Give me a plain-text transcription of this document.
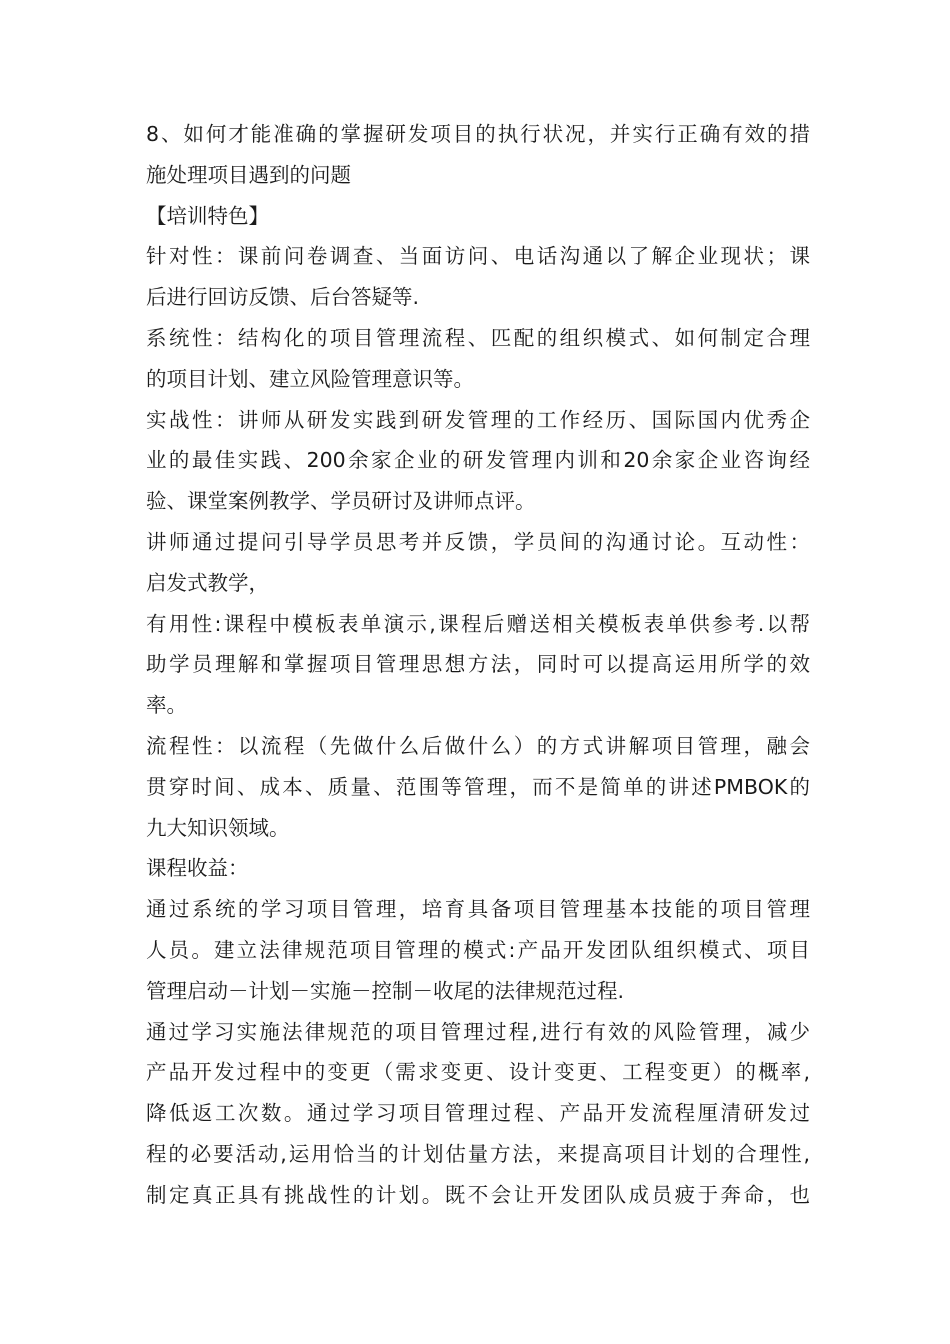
8、如何才能准确的掌握研发项目的执行状况，并实行正确有效的措
施处理项目遇到的问题
【培训特色】
针对性：课前问卷调查、当面访问、电话沟通以了解企业现状；课
后进行回访反馈、后台答疑等.
系统性：结构化的项目管理流程、匹配的组织模式、如何制定合理
的项目计划、建立风险管理意识等。
实战性：讲师从研发实践到研发管理的工作经历、国际国内优秀企
业的最佳实践、200余家企业的研发管理内训和20余家企业咨询经
验、课堂案例教学、学员研讨及讲师点评。
讲师通过提问引导学员思考并反馈，学员间的沟通讨论。互动性：
启发式教学，
有用性:课程中模板表单演示,课程后赠送相关模板表单供参考.以帮
助学员理解和掌握项目管理思想方法，同时可以提高运用所学的效
率。
流程性：以流程（先做什么后做什么）的方式讲解项目管理，融会
贯穿时间、成本、质量、范围等管理，而不是简单的讲述PMBOK的
九大知识领域。
课程收益：
通过系统的学习项目管理，培育具备项目管理基本技能的项目管理
人员。建立法律规范项目管理的模式:产品开发团队组织模式、项目
管理启动－计划－实施－控制－收尾的法律规范过程.
通过学习实施法律规范的项目管理过程,进行有效的风险管理，减少
产品开发过程中的变更（需求变更、设计变更、工程变更）的概率,
降低返工次数。通过学习项目管理过程、产品开发流程厘清研发过
程的必要活动,运用恰当的计划估量方法，来提高项目计划的合理性,
制定真正具有挑战性的计划。既不会让开发团队成员疲于奔命，也
